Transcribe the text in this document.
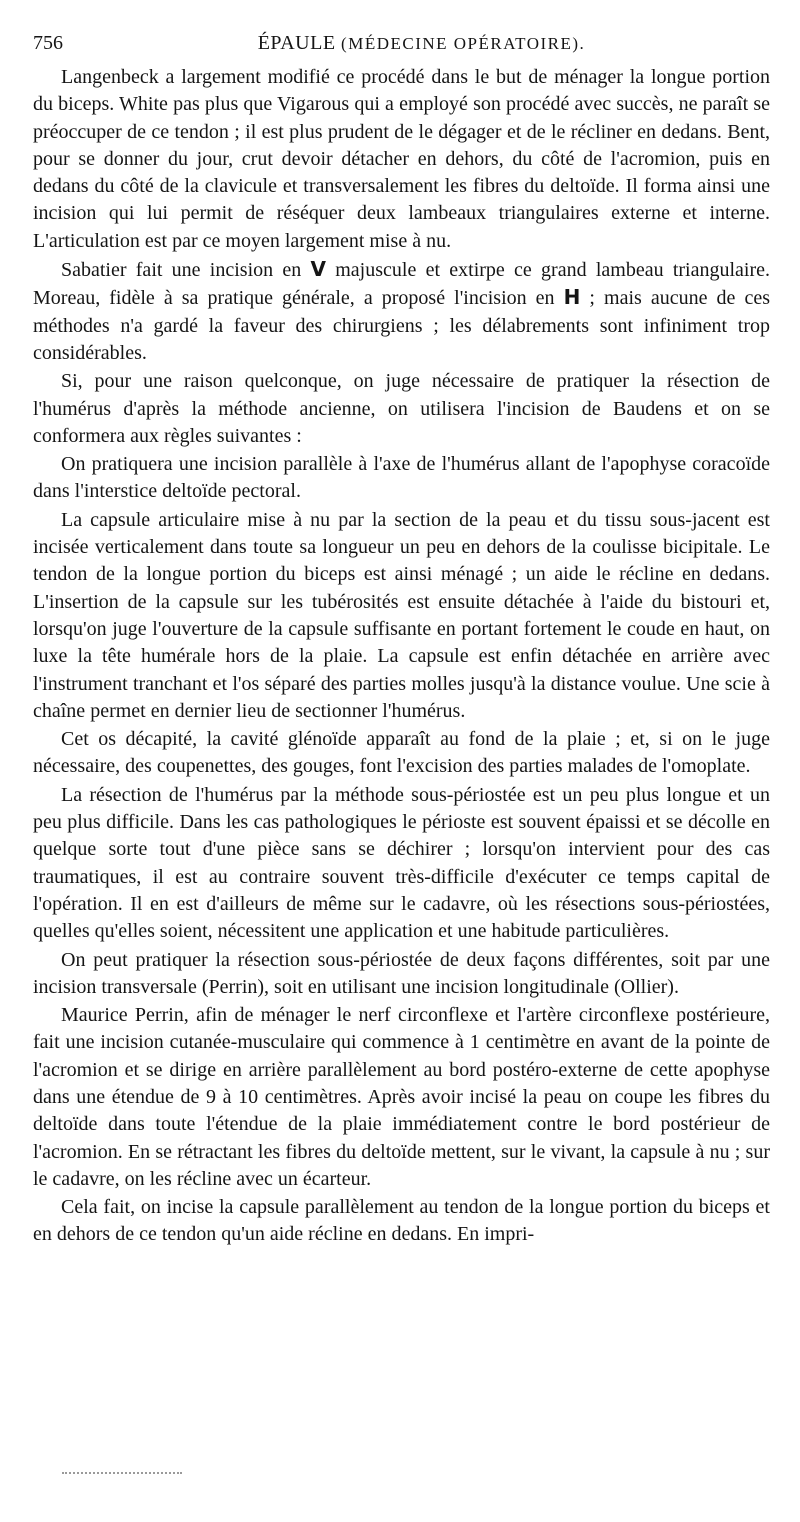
756	ÉPAULE (MÉDECINE OPÉRATOIRE).

Langenbeck a largement modifié ce procédé dans le but de ménager la longue portion du biceps. White pas plus que Vigarous qui a employé son procédé avec succès, ne paraît se préoccuper de ce tendon ; il est plus prudent de le dégager et de le récliner en dedans. Bent, pour se donner du jour, crut devoir détacher en dehors, du côté de l'acromion, puis en dedans du côté de la clavicule et transversalement les fibres du deltoïde. Il forma ainsi une incision qui lui permit de réséquer deux lambeaux triangulaires externe et interne. L'articulation est par ce moyen largement mise à nu.

Sabatier fait une incision en V majuscule et extirpe ce grand lambeau triangulaire. Moreau, fidèle à sa pratique générale, a proposé l'incision en H ; mais aucune de ces méthodes n'a gardé la faveur des chirurgiens ; les délabrements sont infiniment trop considérables.

Si, pour une raison quelconque, on juge nécessaire de pratiquer la résection de l'humérus d'après la méthode ancienne, on utilisera l'incision de Baudens et on se conformera aux règles suivantes :

On pratiquera une incision parallèle à l'axe de l'humérus allant de l'apophyse coracoïde dans l'interstice deltoïde pectoral.

La capsule articulaire mise à nu par la section de la peau et du tissu sous-jacent est incisée verticalement dans toute sa longueur un peu en dehors de la coulisse bicipitale. Le tendon de la longue portion du biceps est ainsi ménagé ; un aide le récline en dedans. L'insertion de la capsule sur les tubérosités est ensuite détachée à l'aide du bistouri et, lorsqu'on juge l'ouverture de la capsule suffisante en portant fortement le coude en haut, on luxe la tête humérale hors de la plaie. La capsule est enfin détachée en arrière avec l'instrument tranchant et l'os séparé des parties molles jusqu'à la distance voulue. Une scie à chaîne permet en dernier lieu de sectionner l'humérus.

Cet os décapité, la cavité glénoïde apparaît au fond de la plaie ; et, si on le juge nécessaire, des coupenettes, des gouges, font l'excision des parties malades de l'omoplate.

La résection de l'humérus par la méthode sous-périostée est un peu plus longue et un peu plus difficile. Dans les cas pathologiques le périoste est souvent épaissi et se décolle en quelque sorte tout d'une pièce sans se déchirer ; lorsqu'on intervient pour des cas traumatiques, il est au contraire souvent très-difficile d'exécuter ce temps capital de l'opération. Il en est d'ailleurs de même sur le cadavre, où les résections sous-périostées, quelles qu'elles soient, nécessitent une application et une habitude particulières.

On peut pratiquer la résection sous-périostée de deux façons différentes, soit par une incision transversale (Perrin), soit en utilisant une incision longitudinale (Ollier).

Maurice Perrin, afin de ménager le nerf circonflexe et l'artère circonflexe postérieure, fait une incision cutanée-musculaire qui commence à 1 centimètre en avant de la pointe de l'acromion et se dirige en arrière parallèlement au bord postéro-externe de cette apophyse dans une étendue de 9 à 10 centimètres. Après avoir incisé la peau on coupe les fibres du deltoïde dans toute l'étendue de la plaie immédiatement contre le bord postérieur de l'acromion. En se rétractant les fibres du deltoïde mettent, sur le vivant, la capsule à nu ; sur le cadavre, on les récline avec un écarteur.

Cela fait, on incise la capsule parallèlement au tendon de la longue portion du biceps et en dehors de ce tendon qu'un aide récline en dedans. En impri-
